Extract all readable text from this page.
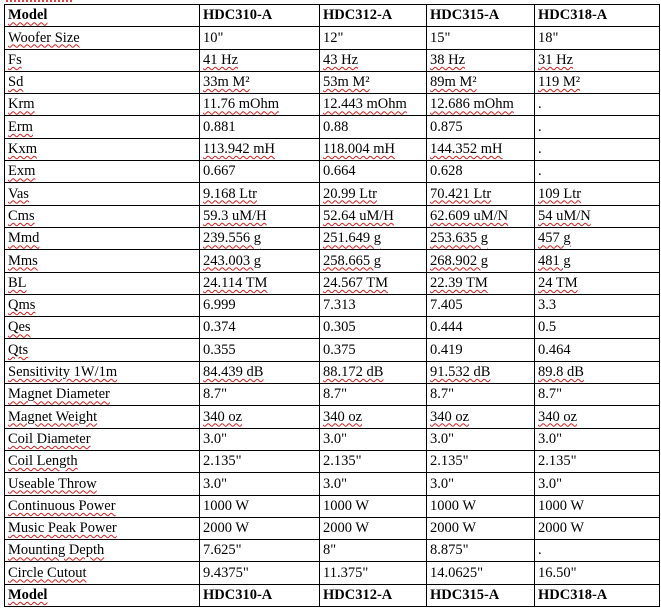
Model	HDC310-A	HDC312-A	HDC315-A	HDC318-A
Woofer Size	10"	12"	15"	18"
Fs	41 Hz	43 Hz	38 Hz	31 Hz
Sd	33m M²	53m M²	89m M²	119 M²
Krm	11.76 mOhm	12.443 mOhm	12.686 mOhm	.
Erm	0.881	0.88	0.875	.
Kxm	113.942 mH	118.004 mH	144.352 mH	.
Exm	0.667	0.664	0.628	.
Vas	9.168 Ltr	20.99 Ltr	70.421 Ltr	109 Ltr
Cms	59.3 uM/H	52.64 uM/H	62.609 uM/N	54 uM/N
Mmd	239.556 g	251.649 g	253.635 g	457 g
Mms	243.003 g	258.665 g	268.902 g	481 g
BL	24.114 TM	24.567 TM	22.39 TM	24 TM
Qms	6.999	7.313	7.405	3.3
Qes	0.374	0.305	0.444	0.5
Qts	0.355	0.375	0.419	0.464
Sensitivity 1W/1m	84.439 dB	88.172 dB	91.532 dB	89.8 dB
Magnet Diameter	8.7"	8.7"	8.7"	8.7"
Magnet Weight	340 oz	340 oz	340 oz	340 oz
Coil Diameter	3.0"	3.0"	3.0"	3.0"
Coil Length	2.135"	2.135"	2.135"	2.135"
Useable Throw	3.0"	3.0"	3.0"	3.0"
Continuous Power	1000 W	1000 W	1000 W	1000 W
Music Peak Power	2000 W	2000 W	2000 W	2000 W
Mounting Depth	7.625"	8"	8.875"	.
Circle Cutout	9.4375"	11.375"	14.0625"	16.50"
Model	HDC310-A	HDC312-A	HDC315-A	HDC318-A
